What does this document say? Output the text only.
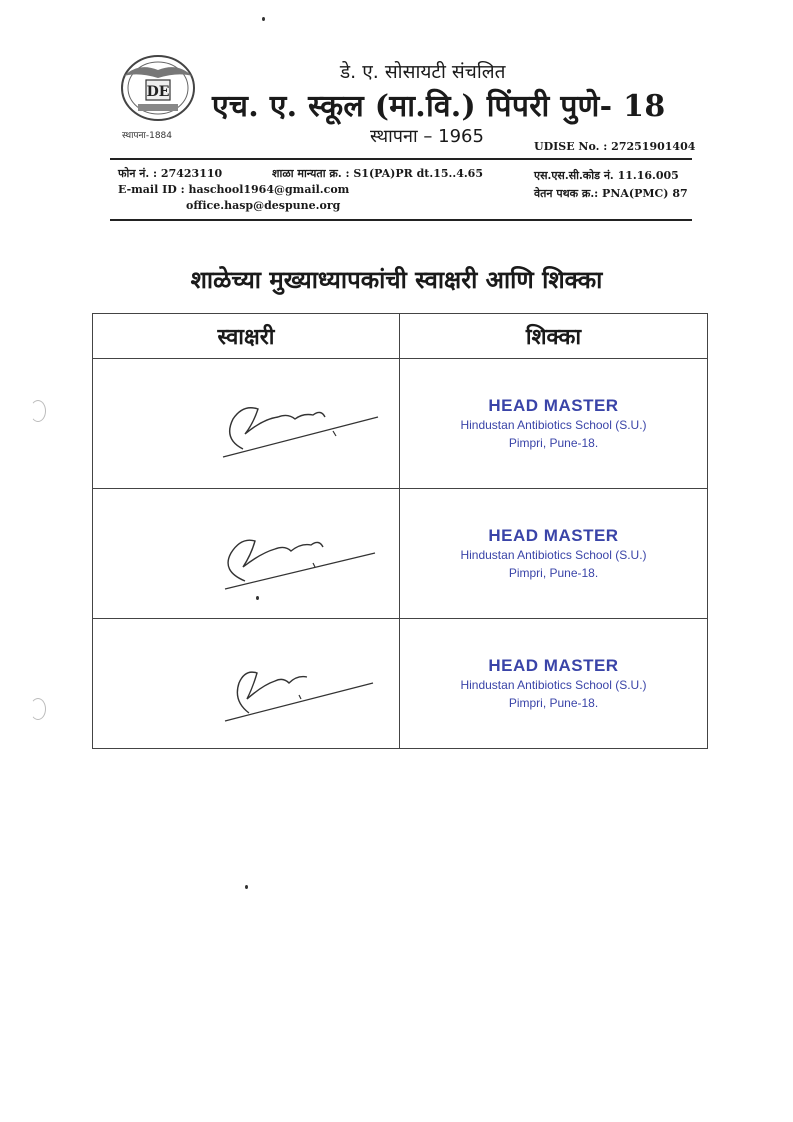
DE
स्थापना-1884
डे. ए. सोसायटी संचलित
एच. ए. स्कूल (मा.वि.) पिंपरी पुणे- 18
स्थापना – 1965	UDISE No. : 27251901404
फोन नं. : 27423110	शाळा मान्यता क्र. : S1(PA)PR dt.15..4.65	एस.एस.सी.कोड नं. 11.16.005
E-mail ID : haschool1964@gmail.com	वेतन पथक क्र.: PNA(PMC) 87
office.hasp@despune.org
शाळेच्या मुख्याध्यापकांची स्वाक्षरी आणि शिक्का
स्वाक्षरी	शिक्का

HEAD MASTER
Hindustan Antibiotics School (S.U.)
Pimpri, Pune-18.

HEAD MASTER
Hindustan Antibiotics School (S.U.)
Pimpri, Pune-18.

HEAD MASTER
Hindustan Antibiotics School (S.U.)
Pimpri, Pune-18.
